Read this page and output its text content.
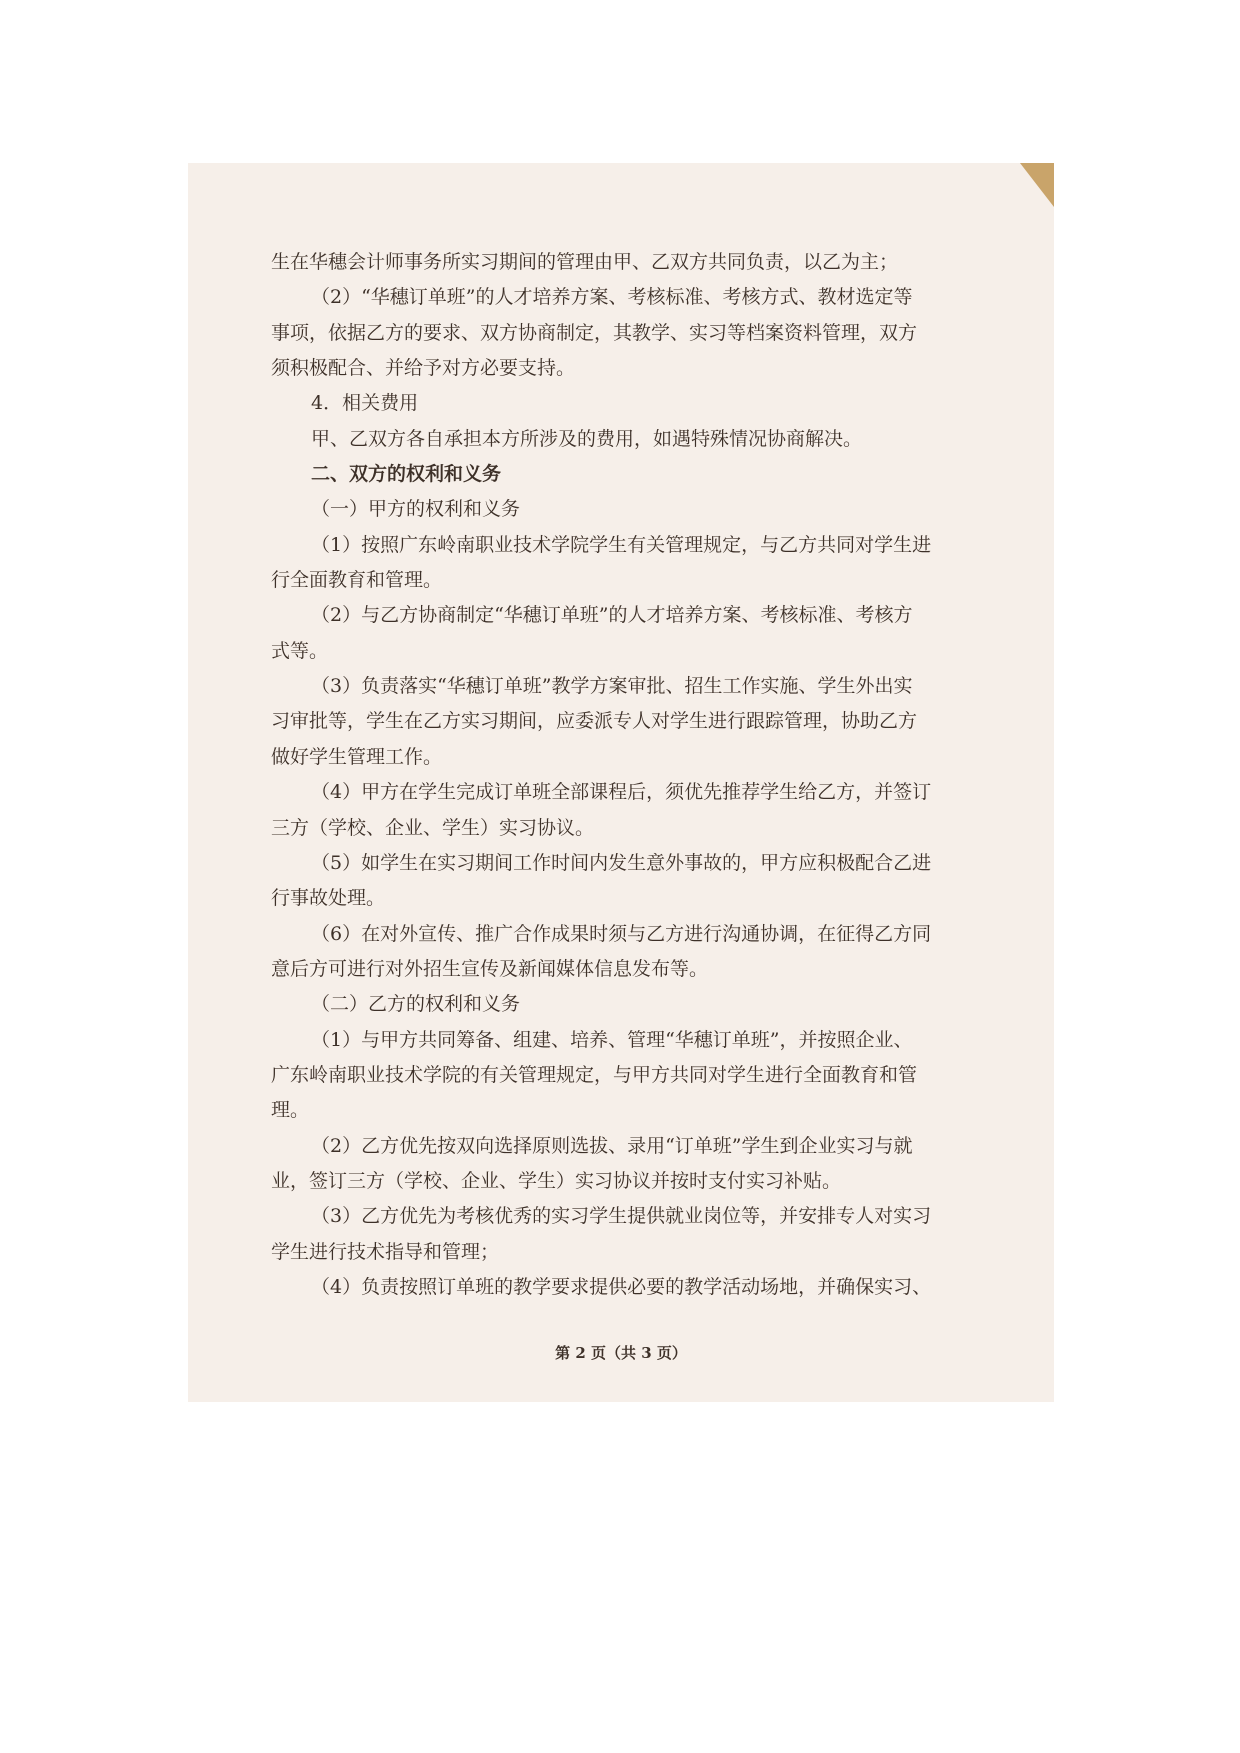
生在华穗会计师事务所实习期间的管理由甲、乙双方共同负责，以乙为主；
（2）“华穗订单班”的人才培养方案、考核标准、考核方式、教材选定等
事项，依据乙方的要求、双方协商制定，其教学、实习等档案资料管理，双方
须积极配合、并给予对方必要支持。
4．相关费用
甲、乙双方各自承担本方所涉及的费用，如遇特殊情况协商解决。
二、双方的权利和义务
（一）甲方的权利和义务
（1）按照广东岭南职业技术学院学生有关管理规定，与乙方共同对学生进
行全面教育和管理。
（2）与乙方协商制定“华穗订单班”的人才培养方案、考核标准、考核方
式等。
（3）负责落实“华穗订单班”教学方案审批、招生工作实施、学生外出实
习审批等，学生在乙方实习期间，应委派专人对学生进行跟踪管理，协助乙方
做好学生管理工作。
（4）甲方在学生完成订单班全部课程后，须优先推荐学生给乙方，并签订
三方（学校、企业、学生）实习协议。
（5）如学生在实习期间工作时间内发生意外事故的，甲方应积极配合乙进
行事故处理。
（6）在对外宣传、推广合作成果时须与乙方进行沟通协调，在征得乙方同
意后方可进行对外招生宣传及新闻媒体信息发布等。
（二）乙方的权利和义务
（1）与甲方共同筹备、组建、培养、管理“华穗订单班”，并按照企业、
广东岭南职业技术学院的有关管理规定，与甲方共同对学生进行全面教育和管
理。
（2）乙方优先按双向选择原则选拔、录用“订单班”学生到企业实习与就
业，签订三方（学校、企业、学生）实习协议并按时支付实习补贴。
（3）乙方优先为考核优秀的实习学生提供就业岗位等，并安排专人对实习
学生进行技术指导和管理；
（4）负责按照订单班的教学要求提供必要的教学活动场地，并确保实习、
第 2 页（共 3 页）
